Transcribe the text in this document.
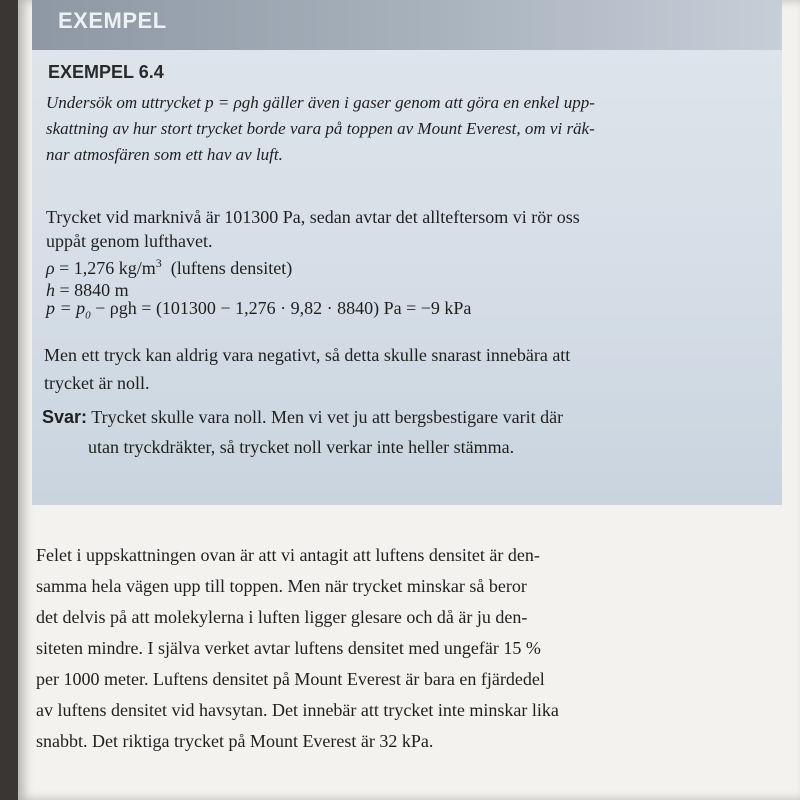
EXEMPEL
EXEMPEL 6.4
Undersök om uttrycket p = ρgh gäller även i gaser genom att göra en enkel upp-
skattning av hur stort trycket borde vara på toppen av Mount Everest, om vi räk-
nar atmosfären som ett hav av luft.
Trycket vid marknivå är 101300 Pa, sedan avtar det allteftersom vi rör oss
uppåt genom lufthavet.
ρ = 1,276 $kg/m^3$ (luftens densitet)
h = 8840 m
$p = p_0 - \rho gh = (101300 - 1,276 \cdot 9,82 \cdot 8840) Pa = -9$ kPa
Men ett tryck kan aldrig vara negativt, så detta skulle snarast innebära att
trycket är noll.
Svar: Trycket skulle vara noll. Men vi vet ju att bergsbestigare varit där
utan tryckdräkter, så trycket noll verkar inte heller stämma.
Felet i uppskattningen ovan är att vi antagit att luftens densitet är den-
samma hela vägen upp till toppen. Men när trycket minskar så beror
det delvis på att molekylerna i luften ligger glesare och då är ju den-
siteten mindre. I själva verket avtar luftens densitet med ungefär 15 %
per 1000 meter. Luftens densitet på Mount Everest är bara en fjärdedel
av luftens densitet vid havsytan. Det innebär att trycket inte minskar lika
snabbt. Det riktiga trycket på Mount Everest är 32 kPa.
